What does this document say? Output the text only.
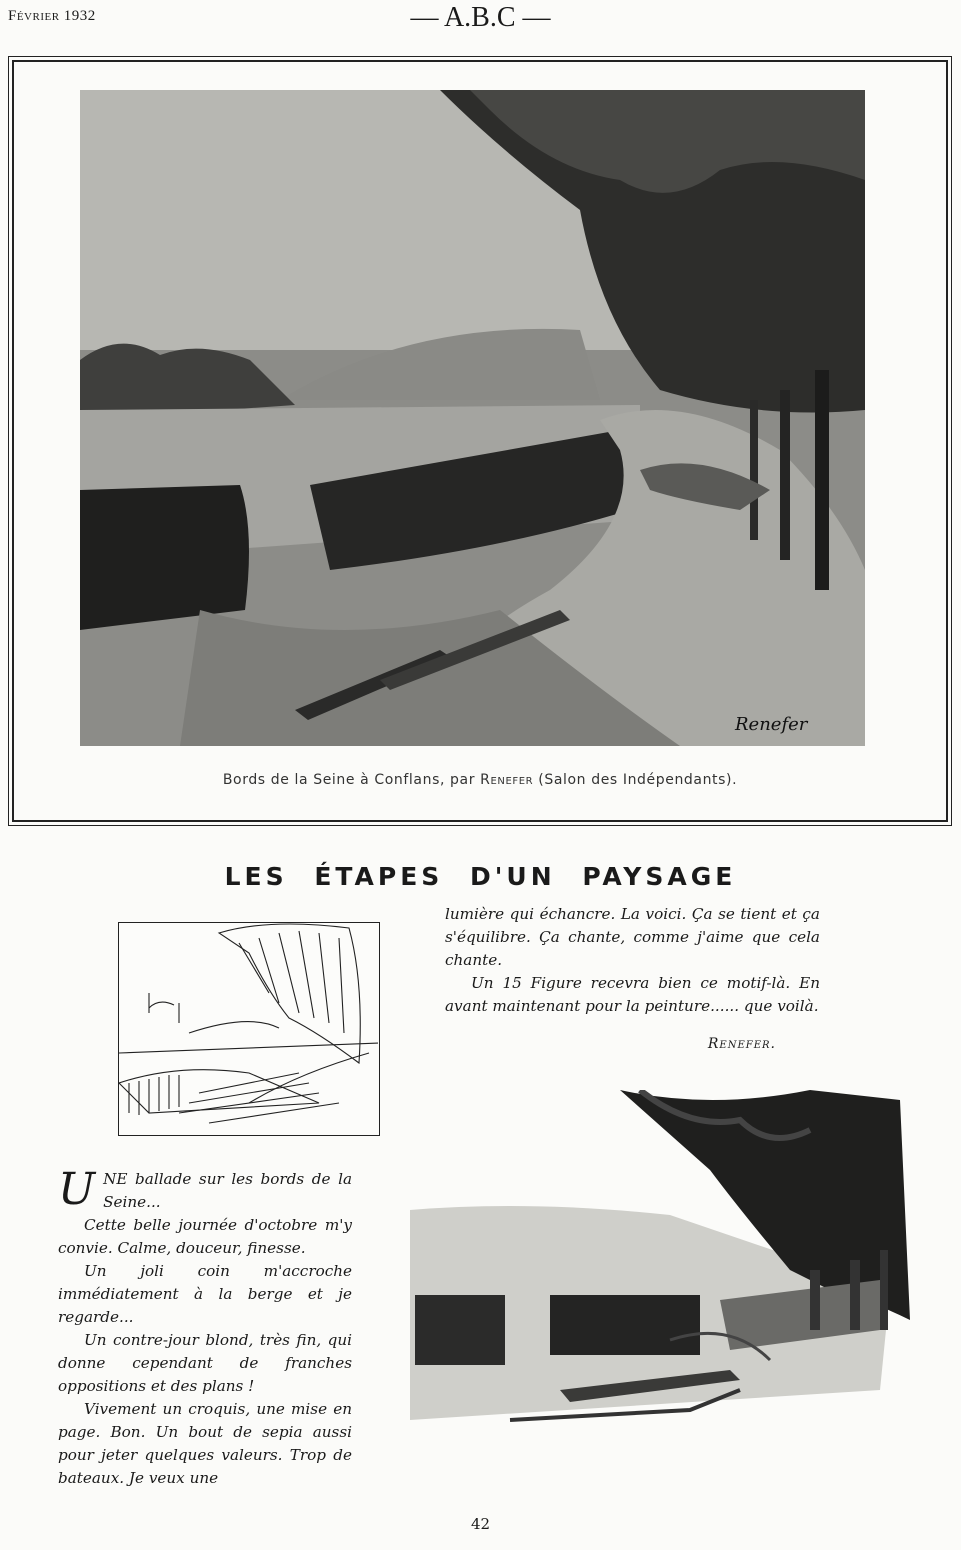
Février 1932	— A.B.C —
Renefer
Bords de la Seine à Conflans, par Renefer (Salon des Indépendants).
LES ÉTAPES D'UN PAYSAGE

lumière qui échancre. La voici. Ça se tient et ça s'équilibre. Ça chante, comme j'aime que cela chante.

Un 15 Figure recevra bien ce motif-là. En avant maintenant pour la peinture...... que voilà.

Renefer.

UNE ballade sur les bords de la Seine...

Cette belle journée d'octobre m'y convie. Calme, douceur, finesse.

Un joli coin m'accroche immédiatement à la berge et je regarde...

Un contre-jour blond, très fin, qui donne cependant de franches oppositions et des plans !

Vivement un croquis, une mise en page. Bon. Un bout de sepia aussi pour jeter quelques valeurs. Trop de bateaux. Je veux une

42
